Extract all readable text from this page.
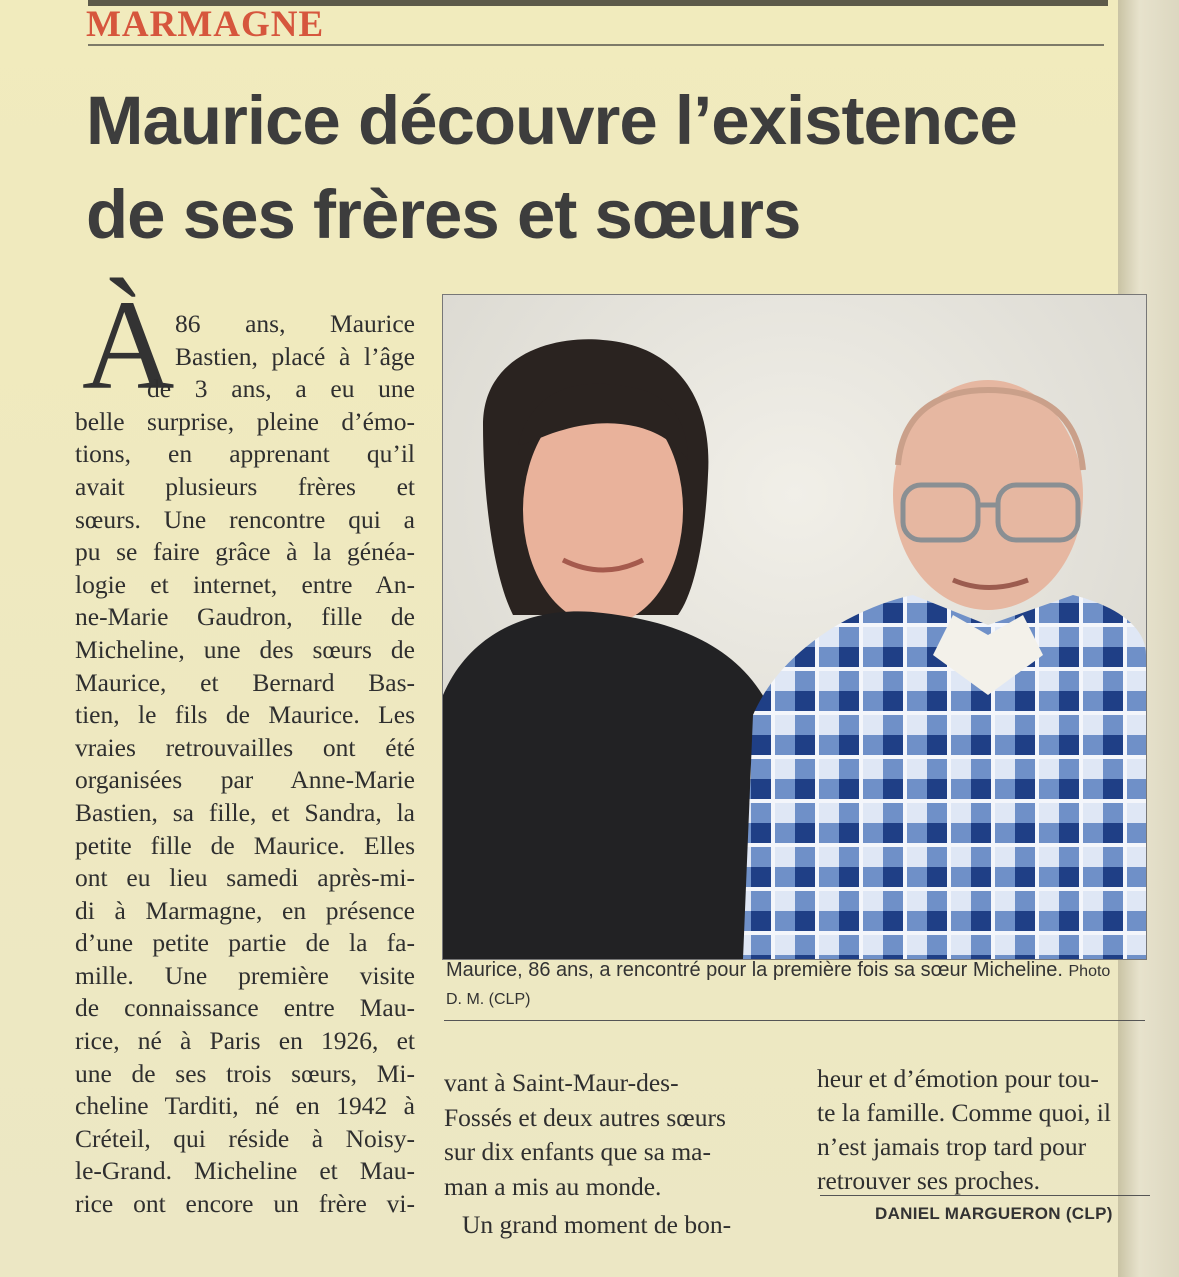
MARMAGNE
Maurice découvre l’existence
de ses frères et sœurs
À 86 ans, Maurice
Bastien, placé à l’âge
de 3 ans, a eu une
belle surprise, pleine d’émo-
tions, en apprenant qu’il
avait plusieurs frères et
sœurs. Une rencontre qui a
pu se faire grâce à la généa-
logie et internet, entre An-
ne-Marie Gaudron, fille de
Micheline, une des sœurs de
Maurice, et Bernard Bas-
tien, le fils de Maurice. Les
vraies retrouvailles ont été
organisées par Anne-Marie
Bastien, sa fille, et Sandra, la
petite fille de Maurice. Elles
ont eu lieu samedi après-mi-
di à Marmagne, en présence
d’une petite partie de la fa-
mille. Une première visite
de connaissance entre Mau-
rice, né à Paris en 1926, et
une de ses trois sœurs, Mi-
cheline Tarditi, né en 1942 à
Créteil, qui réside à Noisy-
le-Grand. Micheline et Mau-
rice ont encore un frère vi-
Maurice, 86 ans, a rencontré pour la première fois sa sœur Micheline. Photo D. M. (CLP)
vant à Saint-Maur-des-
Fossés et deux autres sœurs
sur dix enfants que sa ma-
man a mis au monde.
Un grand moment de bon-
heur et d’émotion pour tou-
te la famille. Comme quoi, il
n’est jamais trop tard pour
retrouver ses proches.
DANIEL MARGUERON (CLP)
